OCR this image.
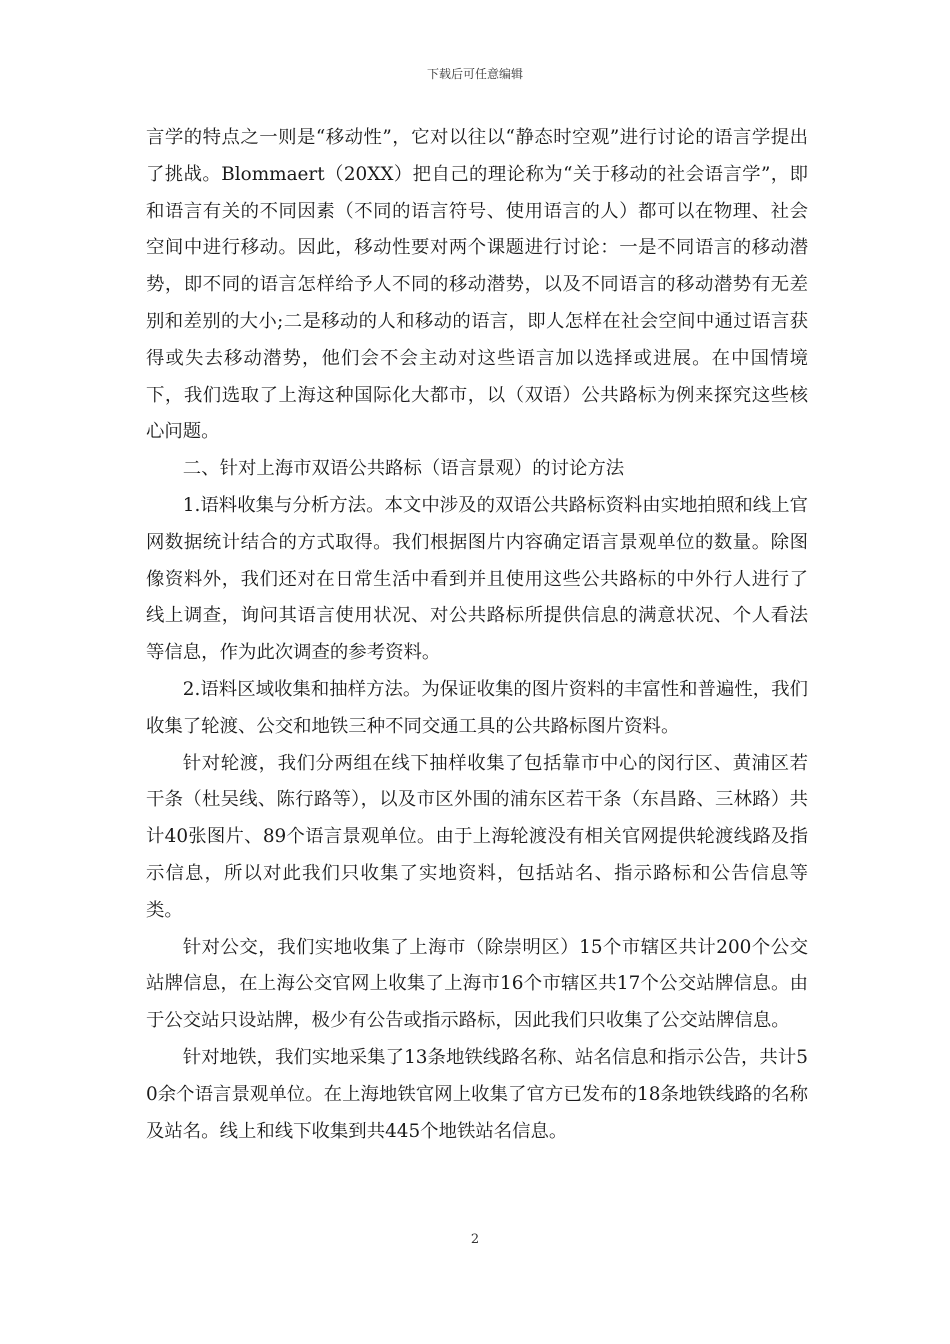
下载后可任意编辑

言学的特点之一则是“移动性”，它对以往以“静态时空观”进行讨论的语言学提出了挑战。Blommaert（20XX）把自己的理论称为“关于移动的社会语言学”，即和语言有关的不同因素（不同的语言符号、使用语言的人）都可以在物理、社会空间中进行移动。因此，移动性要对两个课题进行讨论：一是不同语言的移动潜势，即不同的语言怎样给予人不同的移动潜势，以及不同语言的移动潜势有无差别和差别的大小;二是移动的人和移动的语言，即人怎样在社会空间中通过语言获得或失去移动潜势，他们会不会主动对这些语言加以选择或进展。在中国情境下，我们选取了上海这种国际化大都市，以（双语）公共路标为例来探究这些核心问题。

二、针对上海市双语公共路标（语言景观）的讨论方法

1.语料收集与分析方法。本文中涉及的双语公共路标资料由实地拍照和线上官网数据统计结合的方式取得。我们根据图片内容确定语言景观单位的数量。除图像资料外，我们还对在日常生活中看到并且使用这些公共路标的中外行人进行了线上调查，询问其语言使用状况、对公共路标所提供信息的满意状况、个人看法等信息，作为此次调查的参考资料。

2.语料区域收集和抽样方法。为保证收集的图片资料的丰富性和普遍性，我们收集了轮渡、公交和地铁三种不同交通工具的公共路标图片资料。

针对轮渡，我们分两组在线下抽样收集了包括靠市中心的闵行区、黄浦区若干条（杜吴线、陈行路等），以及市区外围的浦东区若干条（东昌路、三林路）共计40张图片、89个语言景观单位。由于上海轮渡没有相关官网提供轮渡线路及指示信息，所以对此我们只收集了实地资料，包括站名、指示路标和公告信息等类。

针对公交，我们实地收集了上海市（除崇明区）15个市辖区共计200个公交站牌信息，在上海公交官网上收集了上海市16个市辖区共17个公交站牌信息。由于公交站只设站牌，极少有公告或指示路标，因此我们只收集了公交站牌信息。

针对地铁，我们实地采集了13条地铁线路名称、站名信息和指示公告，共计50余个语言景观单位。在上海地铁官网上收集了官方已发布的18条地铁线路的名称及站名。线上和线下收集到共445个地铁站名信息。

2
